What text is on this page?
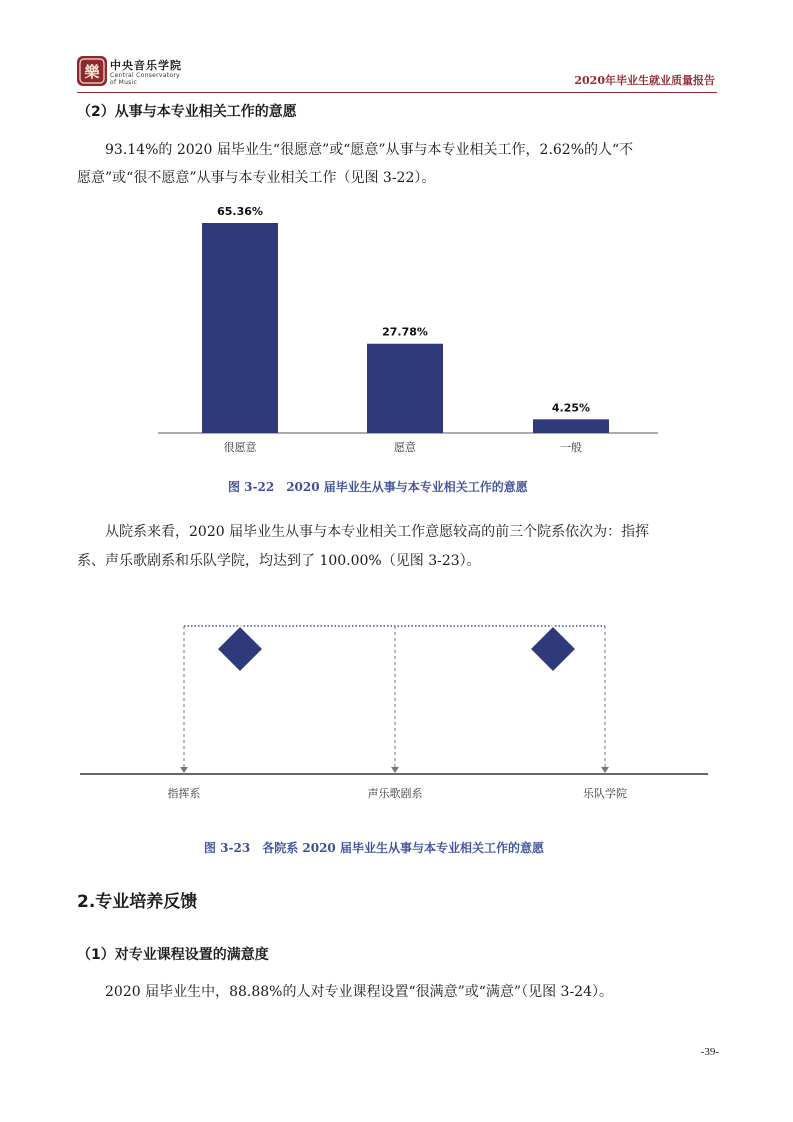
樂 中央音乐学院
Central Conservatory
of Music	2020年毕业生就业质量报告
（2）从事与本专业相关工作的意愿
93.14%的 2020 届毕业生“很愿意”或“愿意”从事与本专业相关工作，2.62%的人“不
愿意”或“很不愿意”从事与本专业相关工作（见图 3-22）。
65.36%
很愿意
27.78%
愿意
4.25%
一般
图 3-22　2020 届毕业生从事与本专业相关工作的意愿
从院系来看，2020 届毕业生从事与本专业相关工作意愿较高的前三个院系依次为：指挥
系、声乐歌剧系和乐队学院，均达到了 100.00%（见图 3-23）。
指挥系	声乐歌剧系	乐队学院
图 3-23　各院系 2020 届毕业生从事与本专业相关工作的意愿
2.专业培养反馈
（1）对专业课程设置的满意度
2020 届毕业生中，88.88%的人对专业课程设置“很满意”或“满意”（见图 3-24）。
-39-
